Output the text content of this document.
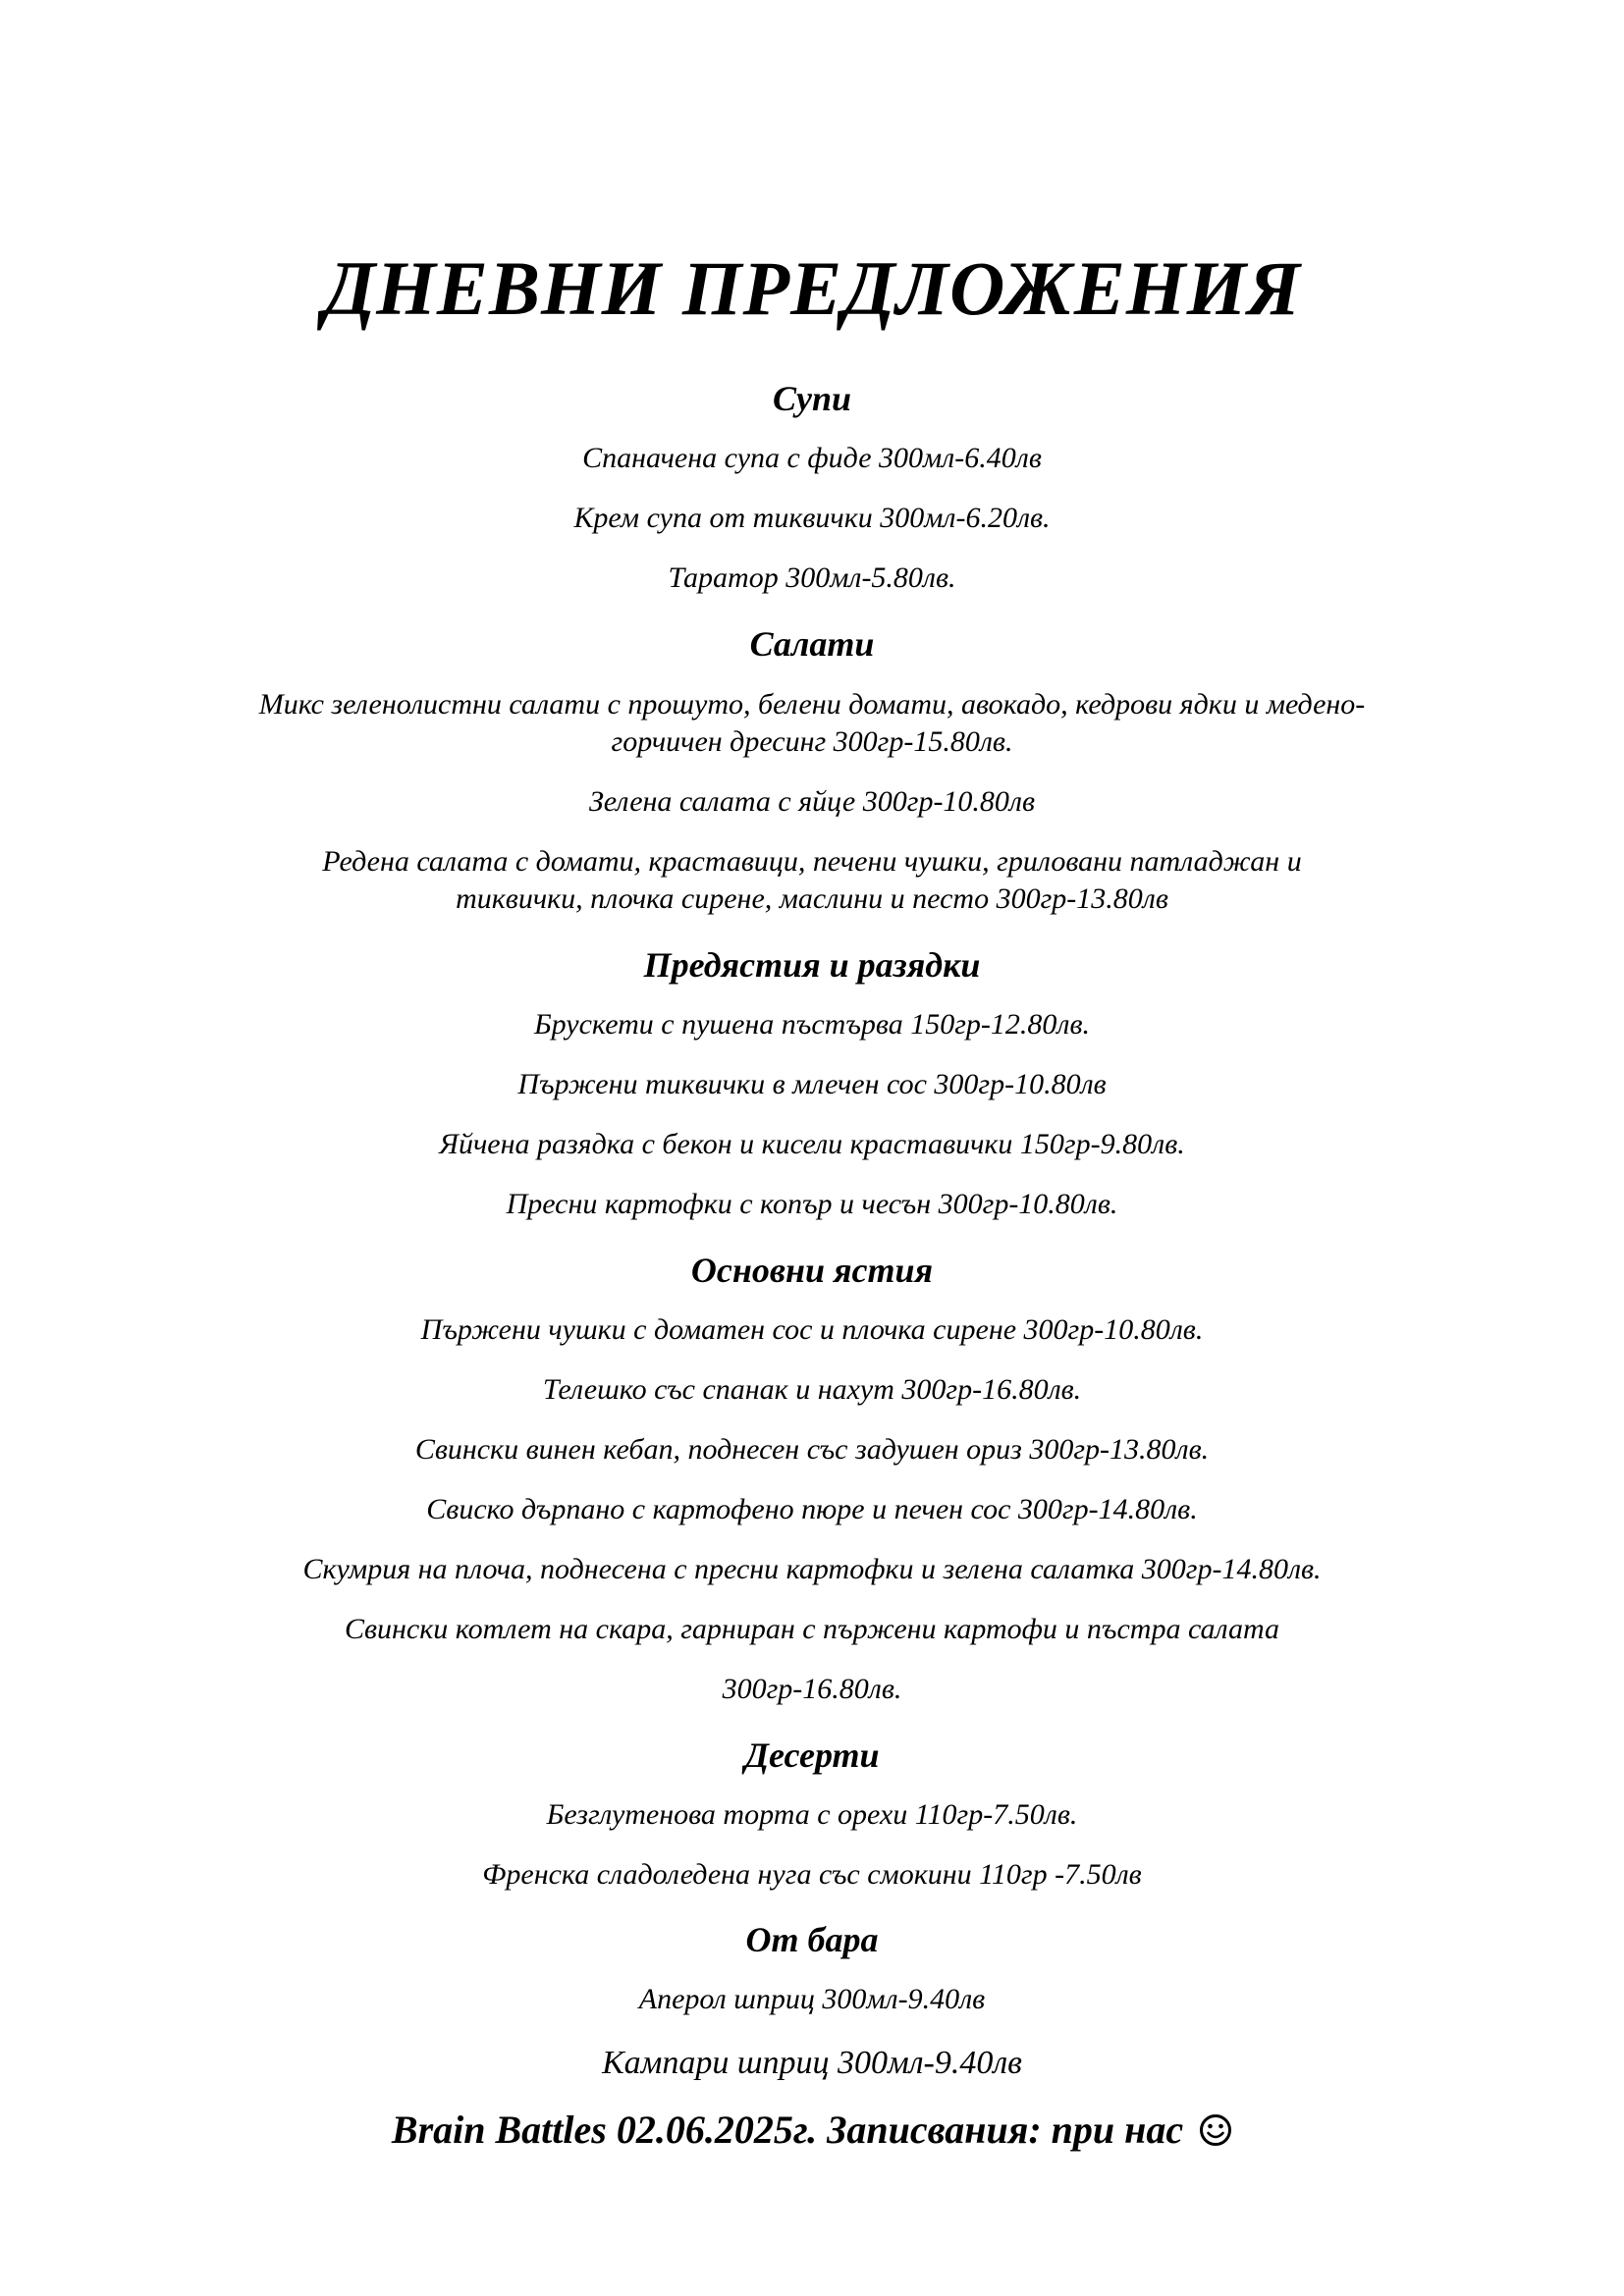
ДНЕВНИ ПРЕДЛОЖЕНИЯ
Супи
Спаначена супа с фиде 300мл-6.40лв
Крем супа от тиквички 300мл-6.20лв.
Таратор 300мл-5.80лв.
Салати
Микс зеленолистни салати с прошуто, белени домати, авокадо, кедрови ядки и медено-
горчичен дресинг 300гр-15.80лв.
Зелена салата с яйце 300гр-10.80лв
Редена салата с домати, краставици, печени чушки, гриловани патладжан и
тиквички, плочка сирене, маслини и песто 300гр-13.80лв
Предястия и разядки
Брускети с пушена пъстърва 150гр-12.80лв.
Пържени тиквички в млечен сос 300гр-10.80лв
Яйчена разядка с бекон и кисели краставички 150гр-9.80лв.
Пресни картофки с копър и чесън 300гр-10.80лв.
Основни ястия
Пържени чушки с доматен сос и плочка сирене 300гр-10.80лв.
Телешко със спанак и нахут 300гр-16.80лв.
Свински винен кебап, поднесен със задушен ориз 300гр-13.80лв.
Свиско дърпано с картофено пюре и печен сос 300гр-14.80лв.
Скумрия на плоча, поднесена с пресни картофки и зелена салатка 300гр-14.80лв.
Свински котлет на скара, гарниран с пържени картофи и пъстра салата
300гр-16.80лв.
Десерти
Безглутенова торта с орехи 110гр-7.50лв.
Френска сладоледена нуга със смокини 110гр -7.50лв
От бара
Аперол шприц 300мл-9.40лв
Кампари шприц 300мл-9.40лв
Brain Battles 02.06.2025г. Записвания: при нас
